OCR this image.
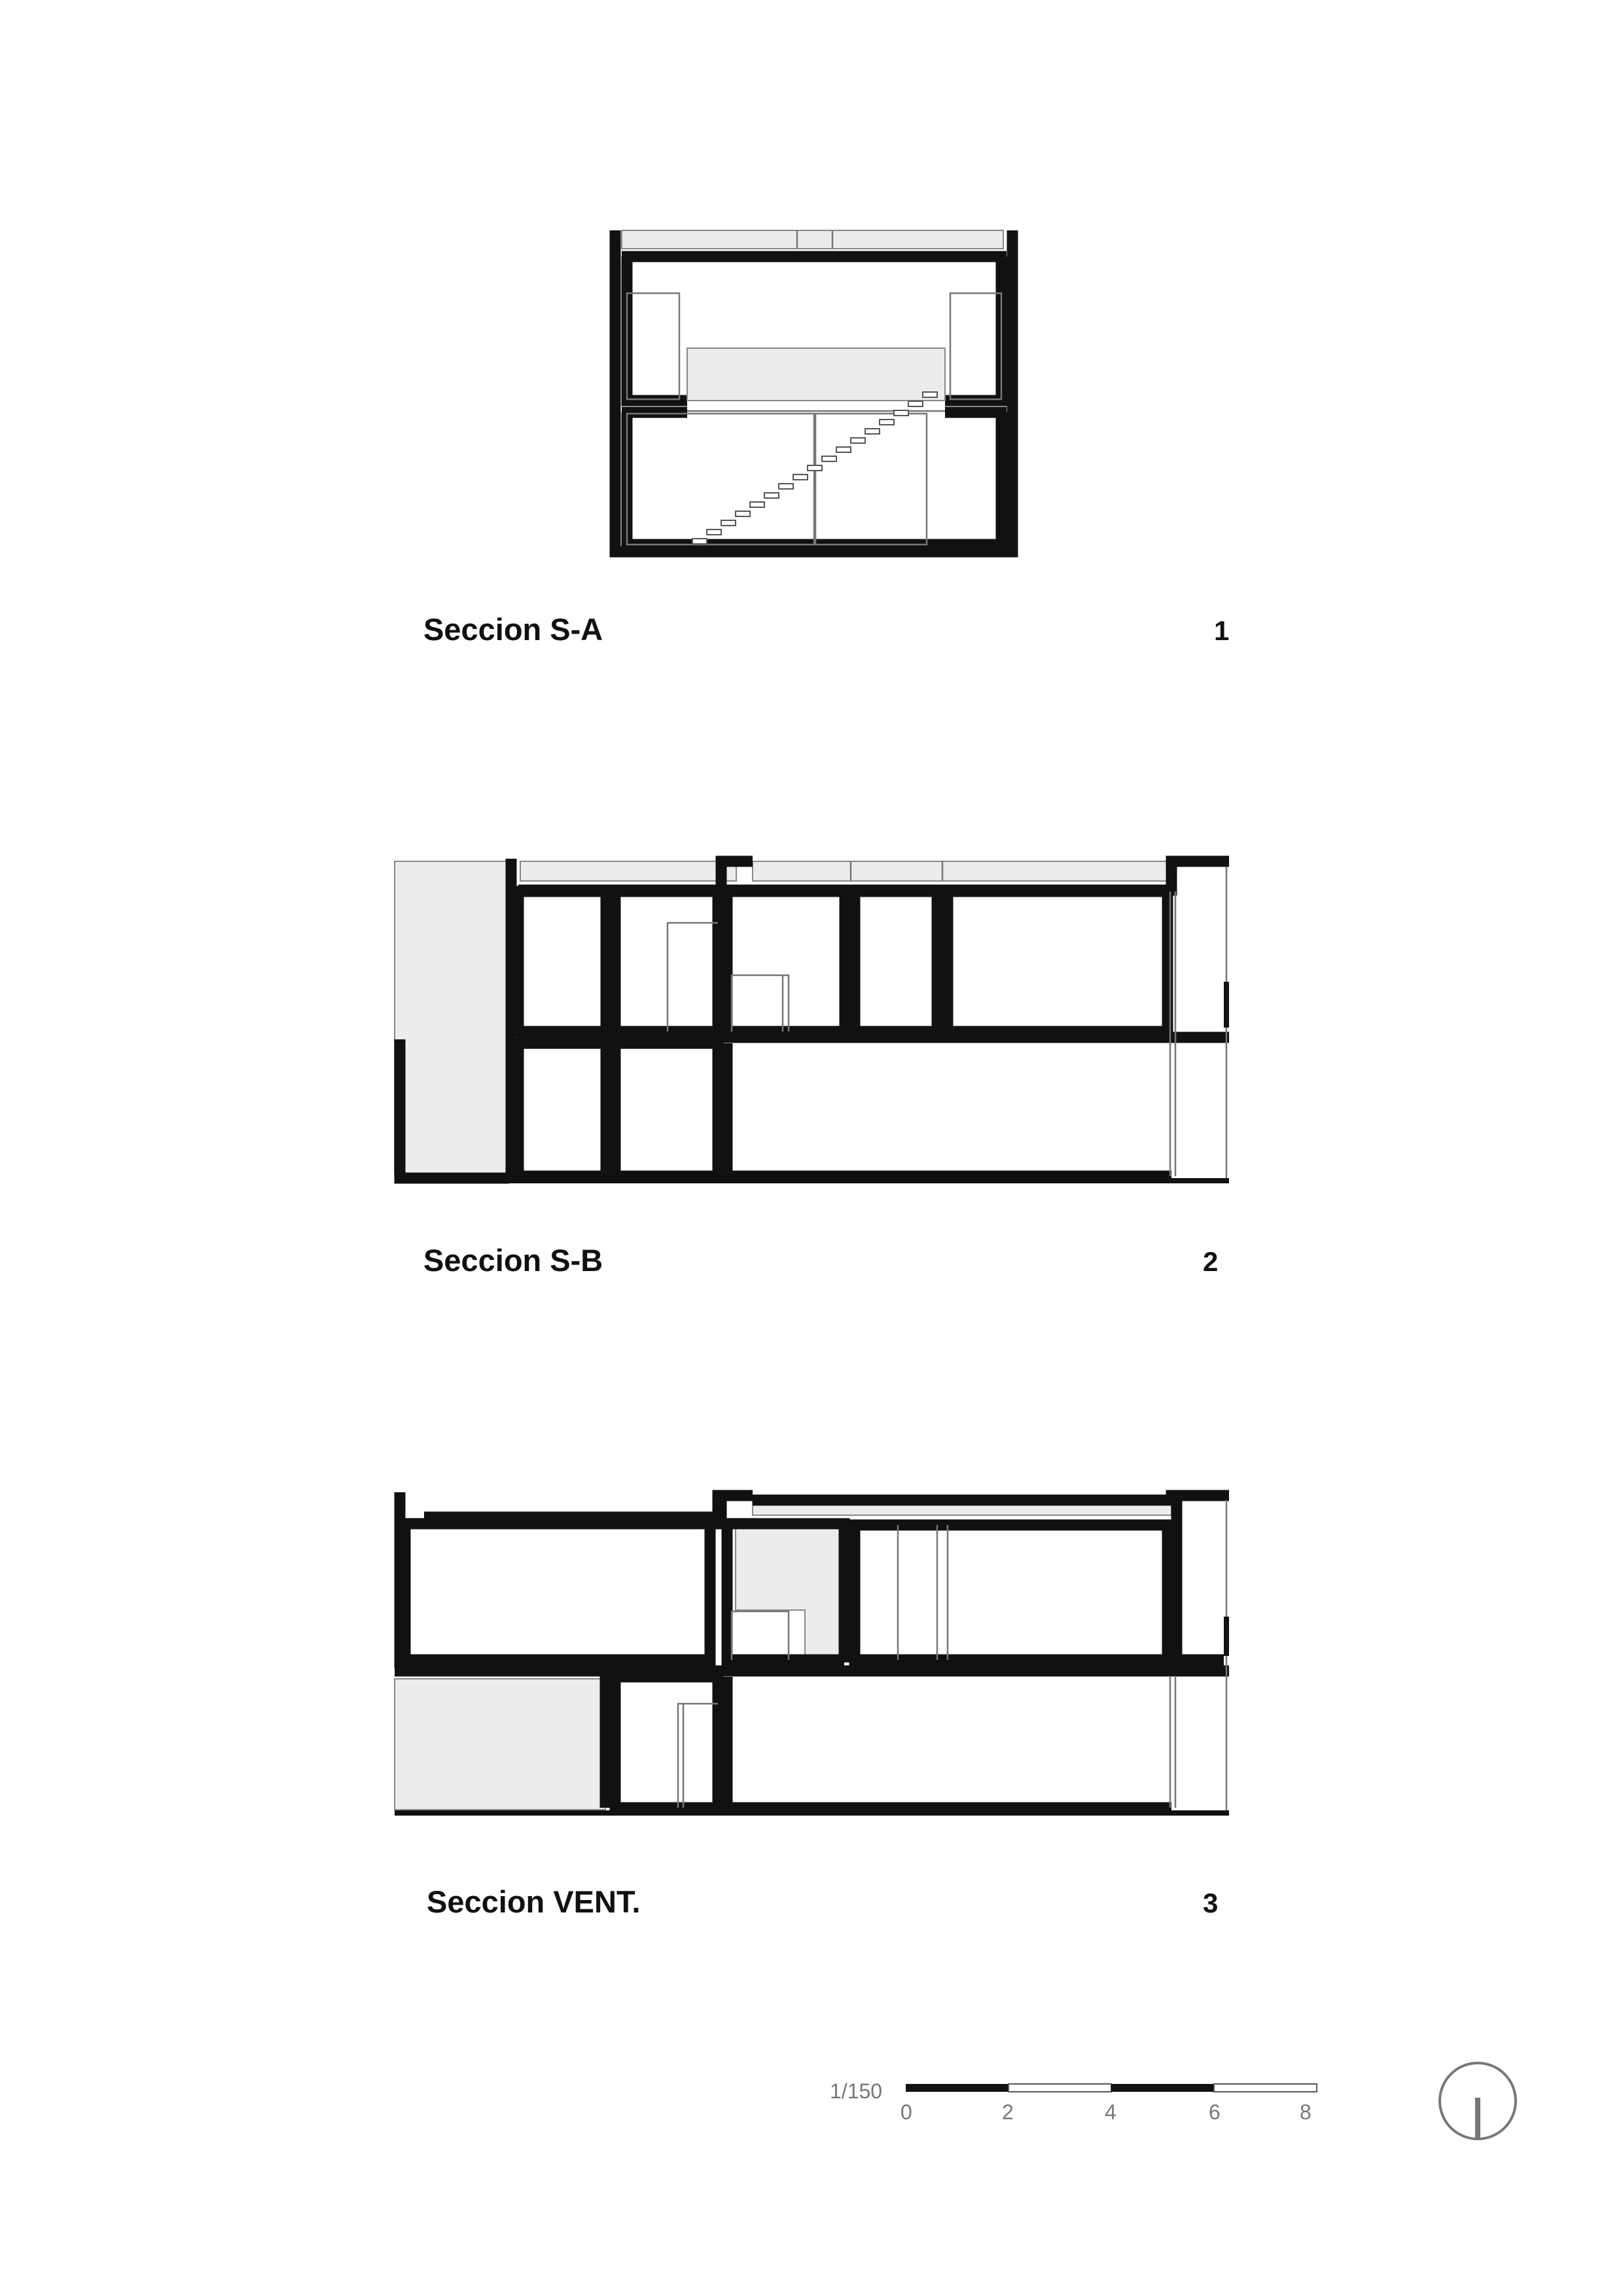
Seccion S-A	1
Seccion S-B	2
Seccion VENT.	3
1/150
0	2	4	6	8
